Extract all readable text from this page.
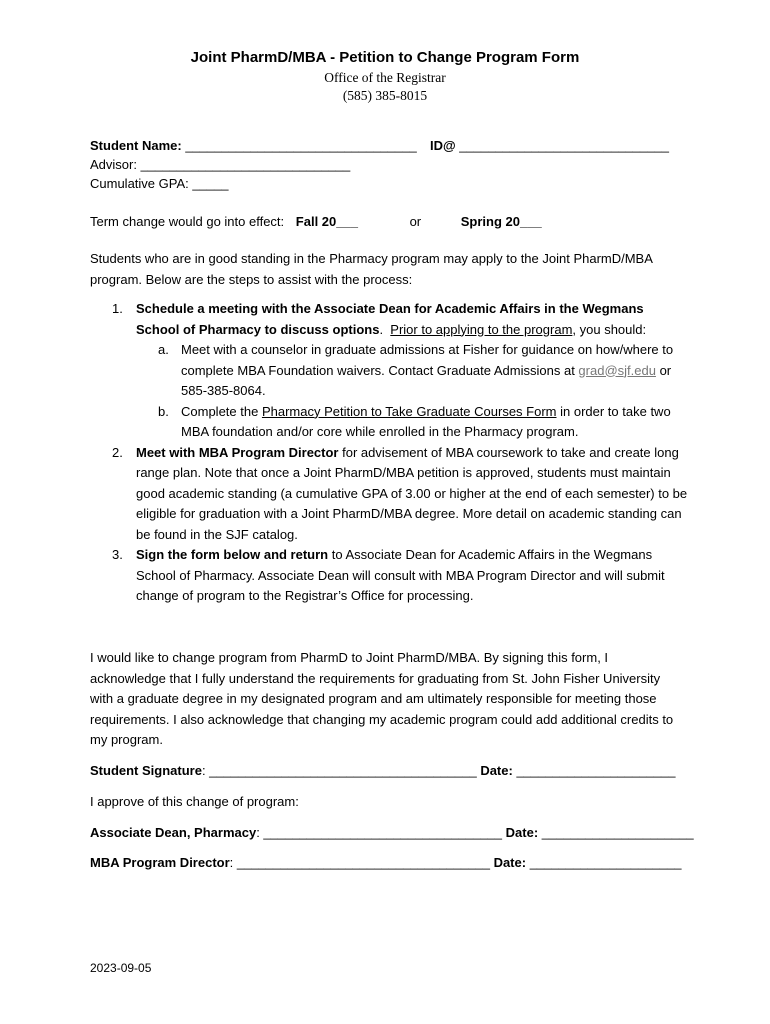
Joint PharmD/MBA - Petition to Change Program Form
Office of the Registrar
(585) 385-8015
Student Name: ________________________________ ID@ _____________________________
Advisor: _____________________________
Cumulative GPA: _____
Term change would go into effect: Fall 20___	or	Spring 20___
Students who are in good standing in the Pharmacy program may apply to the Joint PharmD/MBA program. Below are the steps to assist with the process:
1. Schedule a meeting with the Associate Dean for Academic Affairs in the Wegmans School of Pharmacy to discuss options. Prior to applying to the program, you should:
a. Meet with a counselor in graduate admissions at Fisher for guidance on how/where to complete MBA Foundation waivers. Contact Graduate Admissions at grad@sjf.edu or 585-385-8064.
b. Complete the Pharmacy Petition to Take Graduate Courses Form in order to take two MBA foundation and/or core while enrolled in the Pharmacy program.
2. Meet with MBA Program Director for advisement of MBA coursework to take and create long range plan. Note that once a Joint PharmD/MBA petition is approved, students must maintain good academic standing (a cumulative GPA of 3.00 or higher at the end of each semester) to be eligible for graduation with a Joint PharmD/MBA degree. More detail on academic standing can be found in the SJF catalog.
3. Sign the form below and return to Associate Dean for Academic Affairs in the Wegmans School of Pharmacy. Associate Dean will consult with MBA Program Director and will submit change of program to the Registrar’s Office for processing.
I would like to change program from PharmD to Joint PharmD/MBA. By signing this form, I acknowledge that I fully understand the requirements for graduating from St. John Fisher University with a graduate degree in my designated program and am ultimately responsible for meeting those requirements. I also acknowledge that changing my academic program could add additional credits to my program.
Student Signature: _____________________________________ Date: ______________________
I approve of this change of program:
Associate Dean, Pharmacy: _________________________________ Date: _____________________
MBA Program Director: ___________________________________ Date: _____________________
2023-09-05
